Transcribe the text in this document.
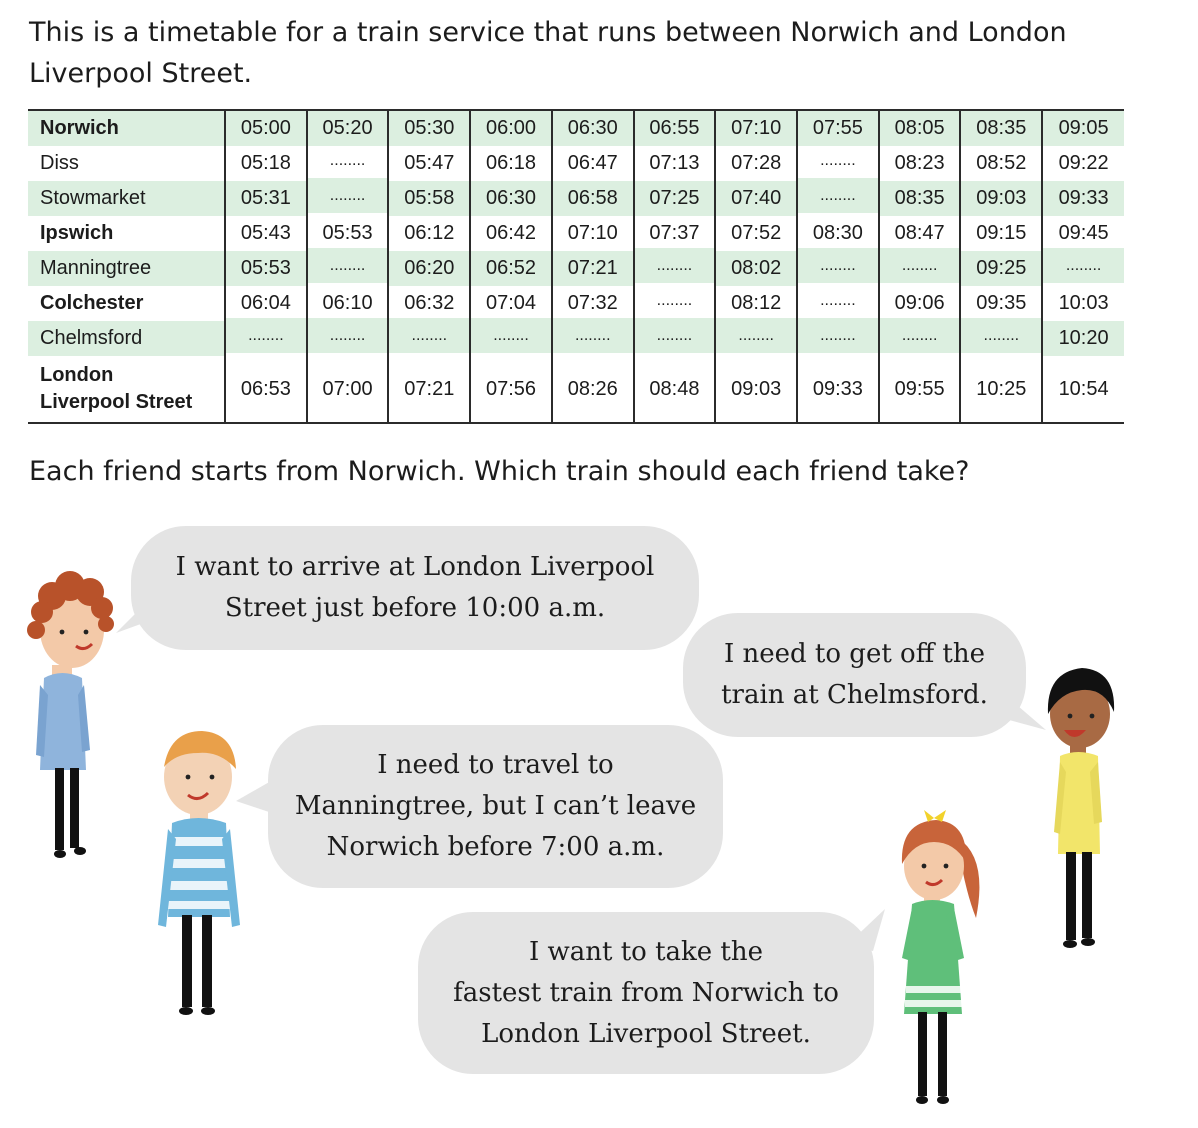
This is a timetable for a train service that runs between Norwich and London
Liverpool Street.
Norwich	05:00	05:20	05:30	06:00	06:30	06:55	07:10	07:55	08:05	08:35	09:05
Diss	05:18	........	05:47	06:18	06:47	07:13	07:28	........	08:23	08:52	09:22
Stowmarket	05:31	........	05:58	06:30	06:58	07:25	07:40	........	08:35	09:03	09:33
Ipswich	05:43	05:53	06:12	06:42	07:10	07:37	07:52	08:30	08:47	09:15	09:45
Manningtree	05:53	........	06:20	06:52	07:21	........	08:02	........	........	09:25	........
Colchester	06:04	06:10	06:32	07:04	07:32	........	08:12	........	09:06	09:35	10:03
Chelmsford	........	........	........	........	........	........	........	........	........	........	10:20
London
Liverpool Street	06:53	07:00	07:21	07:56	08:26	08:48	09:03	09:33	09:55	10:25	10:54

Each friend starts from Norwich. Which train should each friend take?

I want to arrive at London Liverpool
Street just before 10:00 a.m.
I need to get off the
train at Chelmsford.
I need to travel to
Manningtree, but I can’t leave
Norwich before 7:00 a.m.
I want to take the
fastest train from Norwich to
London Liverpool Street.
